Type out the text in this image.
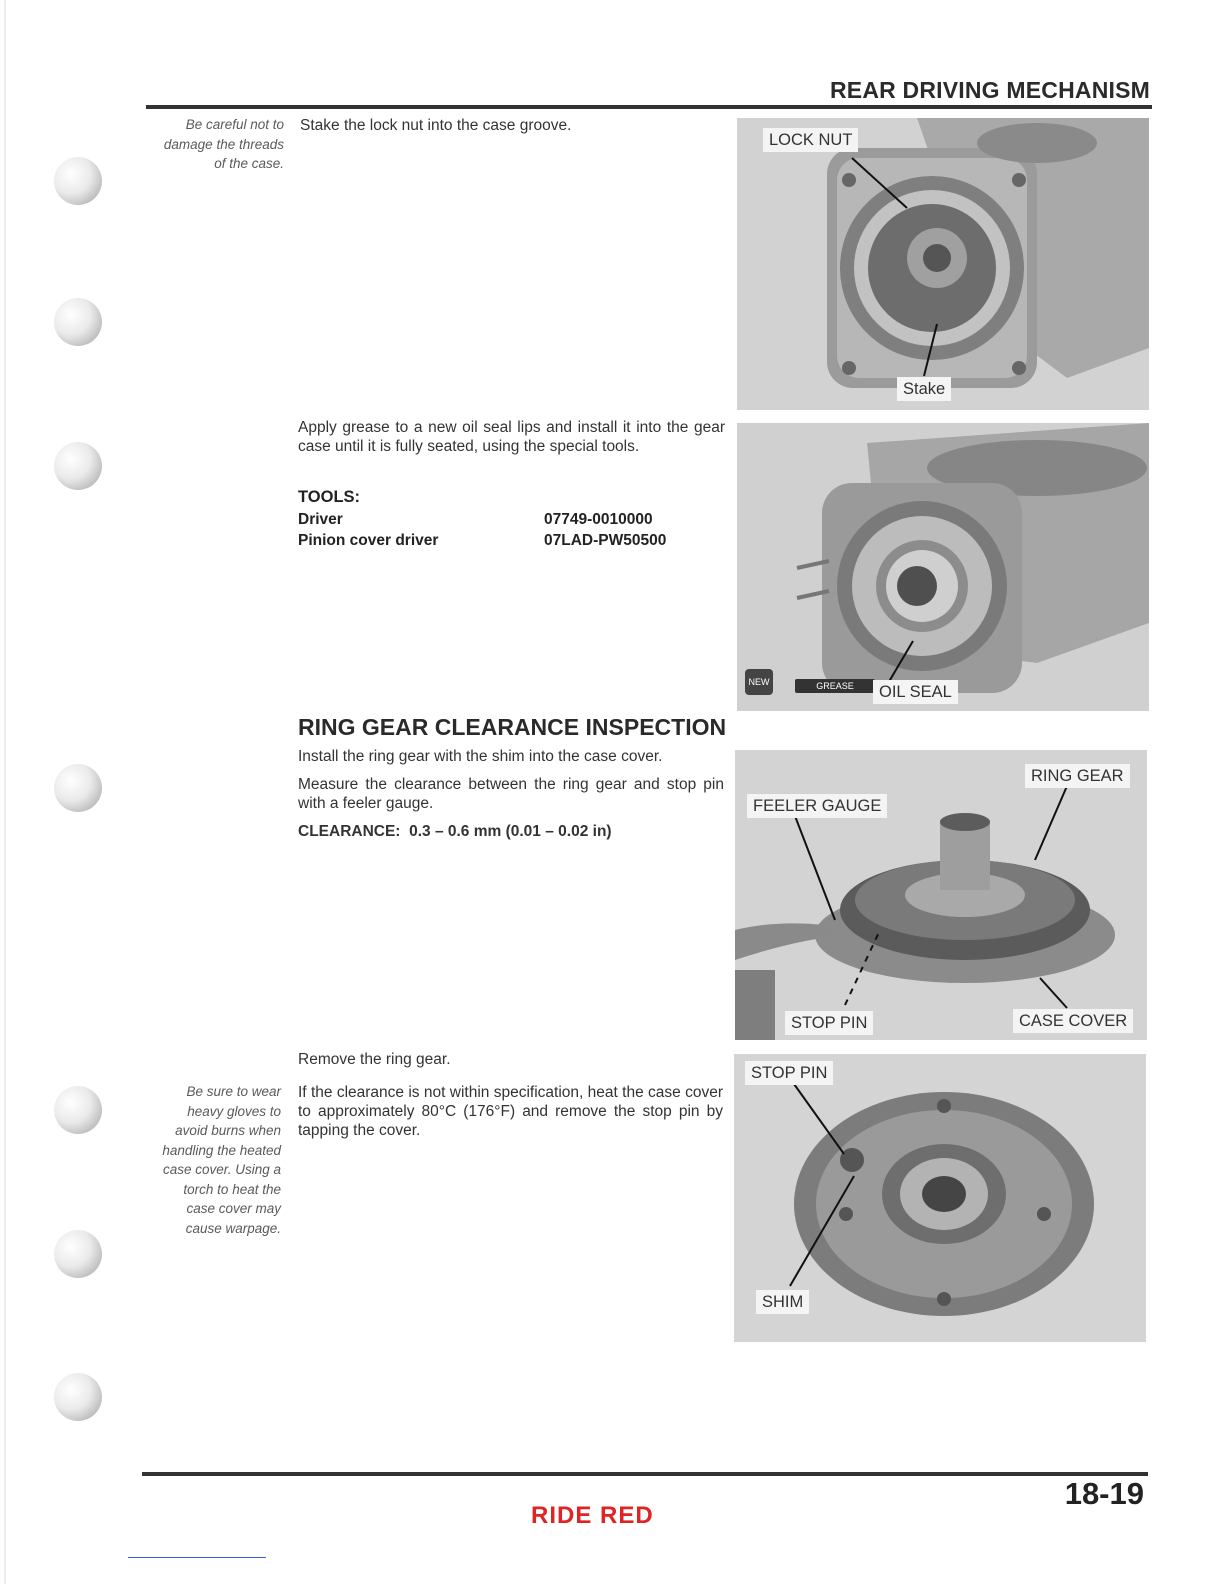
REAR DRIVING MECHANISM
Be careful not to
damage the threads
of the case.

Stake the lock nut into the case groove.

Apply grease to a new oil seal lips and install it into the gear case until it is fully seated, using the special tools.

TOOLS:
Driver	07749-0010000
Pinion cover driver	07LAD-PW50500
RING GEAR CLEARANCE INSPECTION

Install the ring gear with the shim into the case cover.

Measure the clearance between the ring gear and stop pin with a feeler gauge.

CLEARANCE: 0.3 – 0.6 mm (0.01 – 0.02 in)

Remove the ring gear.

If the clearance is not within specification, heat the case cover to approximately 80°C (176°F) and remove the stop pin by tapping the cover.

Be sure to wear
heavy gloves to
avoid burns when
handling the heated
case cover. Using a
torch to heat the
case cover may
cause warpage.
LOCK NUT
Stake
NEW	GREASE	OIL SEAL
RING GEAR
FEELER GAUGE
STOP PIN	CASE COVER
STOP PIN
SHIM
18-19
RIDE RED
